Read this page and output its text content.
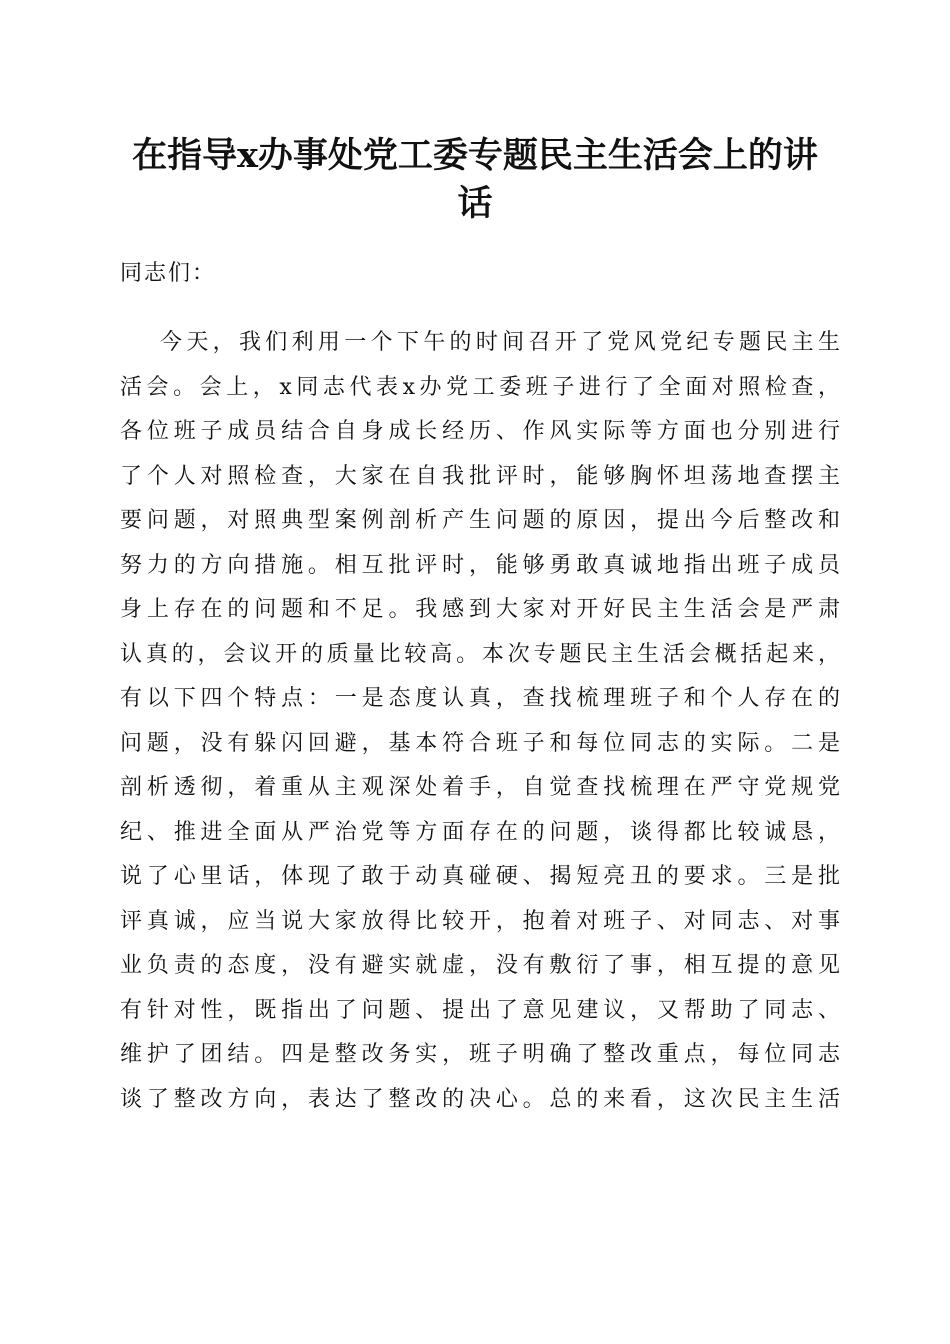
在指导x办事处党工委专题民主生活会上的讲
话

同志们：

今天，我们利用一个下午的时间召开了党风党纪专题民主生
活会。会上，x同志代表x办党工委班子进行了全面对照检查，
各位班子成员结合自身成长经历、作风实际等方面也分别进行
了个人对照检查，大家在自我批评时，能够胸怀坦荡地查摆主
要问题，对照典型案例剖析产生问题的原因，提出今后整改和
努力的方向措施。相互批评时，能够勇敢真诚地指出班子成员
身上存在的问题和不足。我感到大家对开好民主生活会是严肃
认真的，会议开的质量比较高。本次专题民主生活会概括起来，
有以下四个特点：一是态度认真，查找梳理班子和个人存在的
问题，没有躲闪回避，基本符合班子和每位同志的实际。二是
剖析透彻，着重从主观深处着手，自觉查找梳理在严守党规党
纪、推进全面从严治党等方面存在的问题，谈得都比较诚恳，
说了心里话，体现了敢于动真碰硬、揭短亮丑的要求。三是批
评真诚，应当说大家放得比较开，抱着对班子、对同志、对事
业负责的态度，没有避实就虚，没有敷衍了事，相互提的意见
有针对性，既指出了问题、提出了意见建议，又帮助了同志、
维护了团结。四是整改务实，班子明确了整改重点，每位同志
谈了整改方向，表达了整改的决心。总的来看，这次民主生活
